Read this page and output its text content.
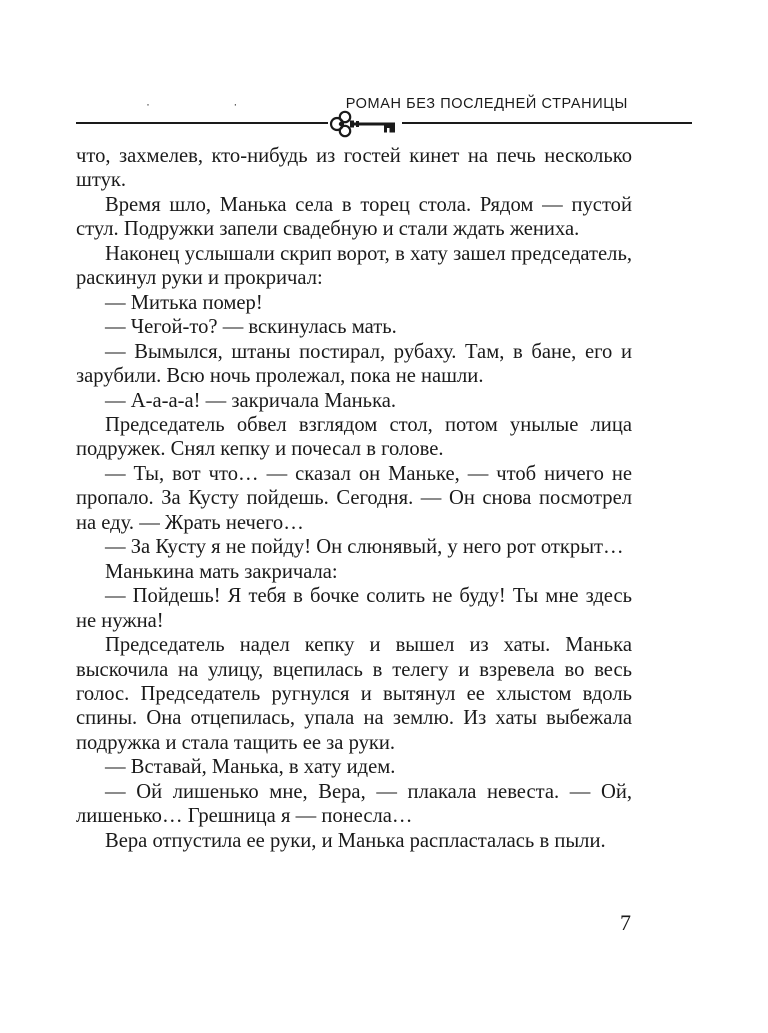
· ·	РОМАН БЕЗ ПОСЛЕДНЕЙ СТРАНИЦЫ

что, захмелев, кто-нибудь из гостей кинет на печь несколько штук.

Время шло, Манька села в торец стола. Рядом — пустой стул. Подружки запели свадебную и стали ждать жениха.

Наконец услышали скрип ворот, в хату зашел председатель, раскинул руки и прокричал:

— Митька помер!

— Чегой-то? — вскинулась мать.

— Вымылся, штаны постирал, рубаху. Там, в бане, его и зарубили. Всю ночь пролежал, пока не нашли.

— А-а-а-а! — закричала Манька.

Председатель обвел взглядом стол, потом унылые лица подружек. Снял кепку и почесал в голове.

— Ты, вот что… — сказал он Маньке, — чтоб ничего не пропало. За Кусту пойдешь. Сегодня. — Он снова посмотрел на еду. — Жрать нечего…

— За Кусту я не пойду! Он слюнявый, у него рот открыт…

Манькина мать закричала:

— Пойдешь! Я тебя в бочке солить не буду! Ты мне здесь не нужна!

Председатель надел кепку и вышел из хаты. Манька выскочила на улицу, вцепилась в телегу и взревела во весь голос. Председатель ругнулся и вытянул ее хлыстом вдоль спины. Она отцепилась, упала на землю. Из хаты выбежала подружка и стала тащить ее за руки.

— Вставай, Манька, в хату идем.

— Ой лишенько мне, Вера, — плакала невеста. — Ой, лишенько… Грешница я — понесла…

Вера отпустила ее руки, и Манька распласталась в пыли.

7
